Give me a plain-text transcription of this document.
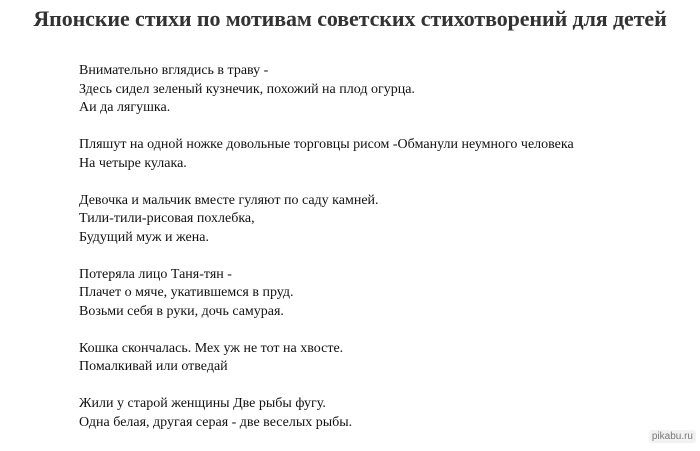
Японские стихи по мотивам советских стихотворений для детей
Внимательно вглядись в траву -
Здесь сидел зеленый кузнечик, похожий на плод огурца.
Аи да лягушка.
Пляшут на одной ножке довольные торговцы рисом -Обманули неумного человека
На четыре кулака.
Девочка и мальчик вместе гуляют по саду камней.
Тили-тили-рисовая похлебка,
Будущий муж и жена.
Потеряла лицо Таня-тян -
Плачет о мяче, укатившемся в пруд.
Возьми себя в руки, дочь самурая.
Кошка скончалась. Мех уж не тот на хвосте.
Помалкивай или отведай
Жили у старой женщины Две рыбы фугу.
Одна белая, другая серая - две веселых рыбы.
pikabu.ru
